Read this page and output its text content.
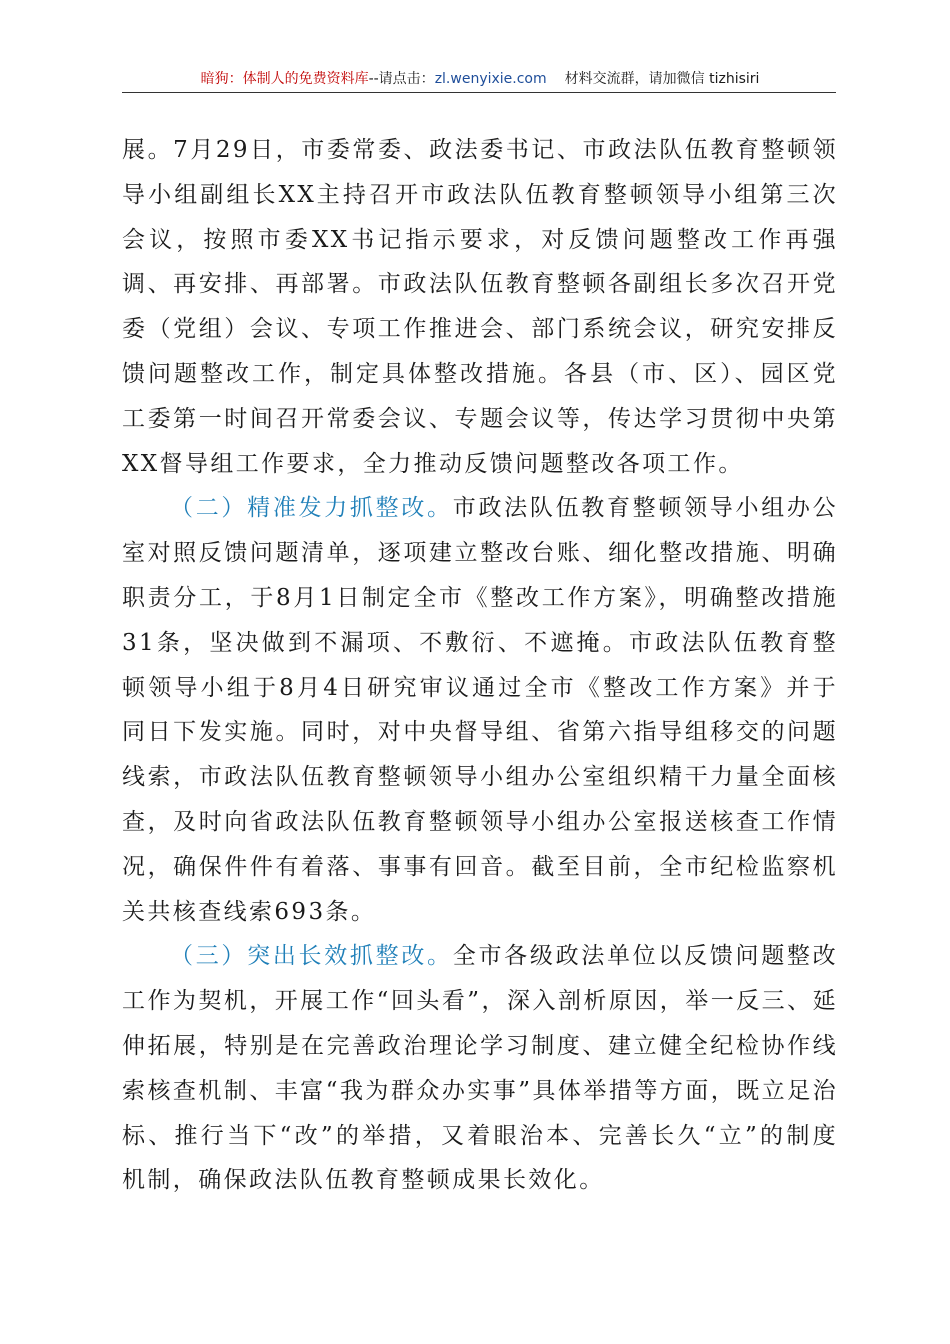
暗狗：体制人的免费资料库--请点击：zl.wenyixie.com 材料交流群，请加微信 tizhisiri

展。7月29日，市委常委、政法委书记、市政法队伍教育整顿领导小组副组长XX主持召开市政法队伍教育整顿领导小组第三次会议，按照市委XX书记指示要求，对反馈问题整改工作再强调、再安排、再部署。市政法队伍教育整顿各副组长多次召开党委（党组）会议、专项工作推进会、部门系统会议，研究安排反馈问题整改工作，制定具体整改措施。各县（市、区）、园区党工委第一时间召开常委会议、专题会议等，传达学习贯彻中央第XX督导组工作要求，全力推动反馈问题整改各项工作。

（二）精准发力抓整改。市政法队伍教育整顿领导小组办公室对照反馈问题清单，逐项建立整改台账、细化整改措施、明确职责分工，于8月1日制定全市《整改工作方案》，明确整改措施31条，坚决做到不漏项、不敷衍、不遮掩。市政法队伍教育整顿领导小组于8月4日研究审议通过全市《整改工作方案》并于同日下发实施。同时，对中央督导组、省第六指导组移交的问题线索，市政法队伍教育整顿领导小组办公室组织精干力量全面核查，及时向省政法队伍教育整顿领导小组办公室报送核查工作情况，确保件件有着落、事事有回音。截至目前，全市纪检监察机关共核查线索693条。

（三）突出长效抓整改。全市各级政法单位以反馈问题整改工作为契机，开展工作“回头看”，深入剖析原因，举一反三、延伸拓展，特别是在完善政治理论学习制度、建立健全纪检协作线索核查机制、丰富“我为群众办实事”具体举措等方面，既立足治标、推行当下“改”的举措，又着眼治本、完善长久“立”的制度机制，确保政法队伍教育整顿成果长效化。
